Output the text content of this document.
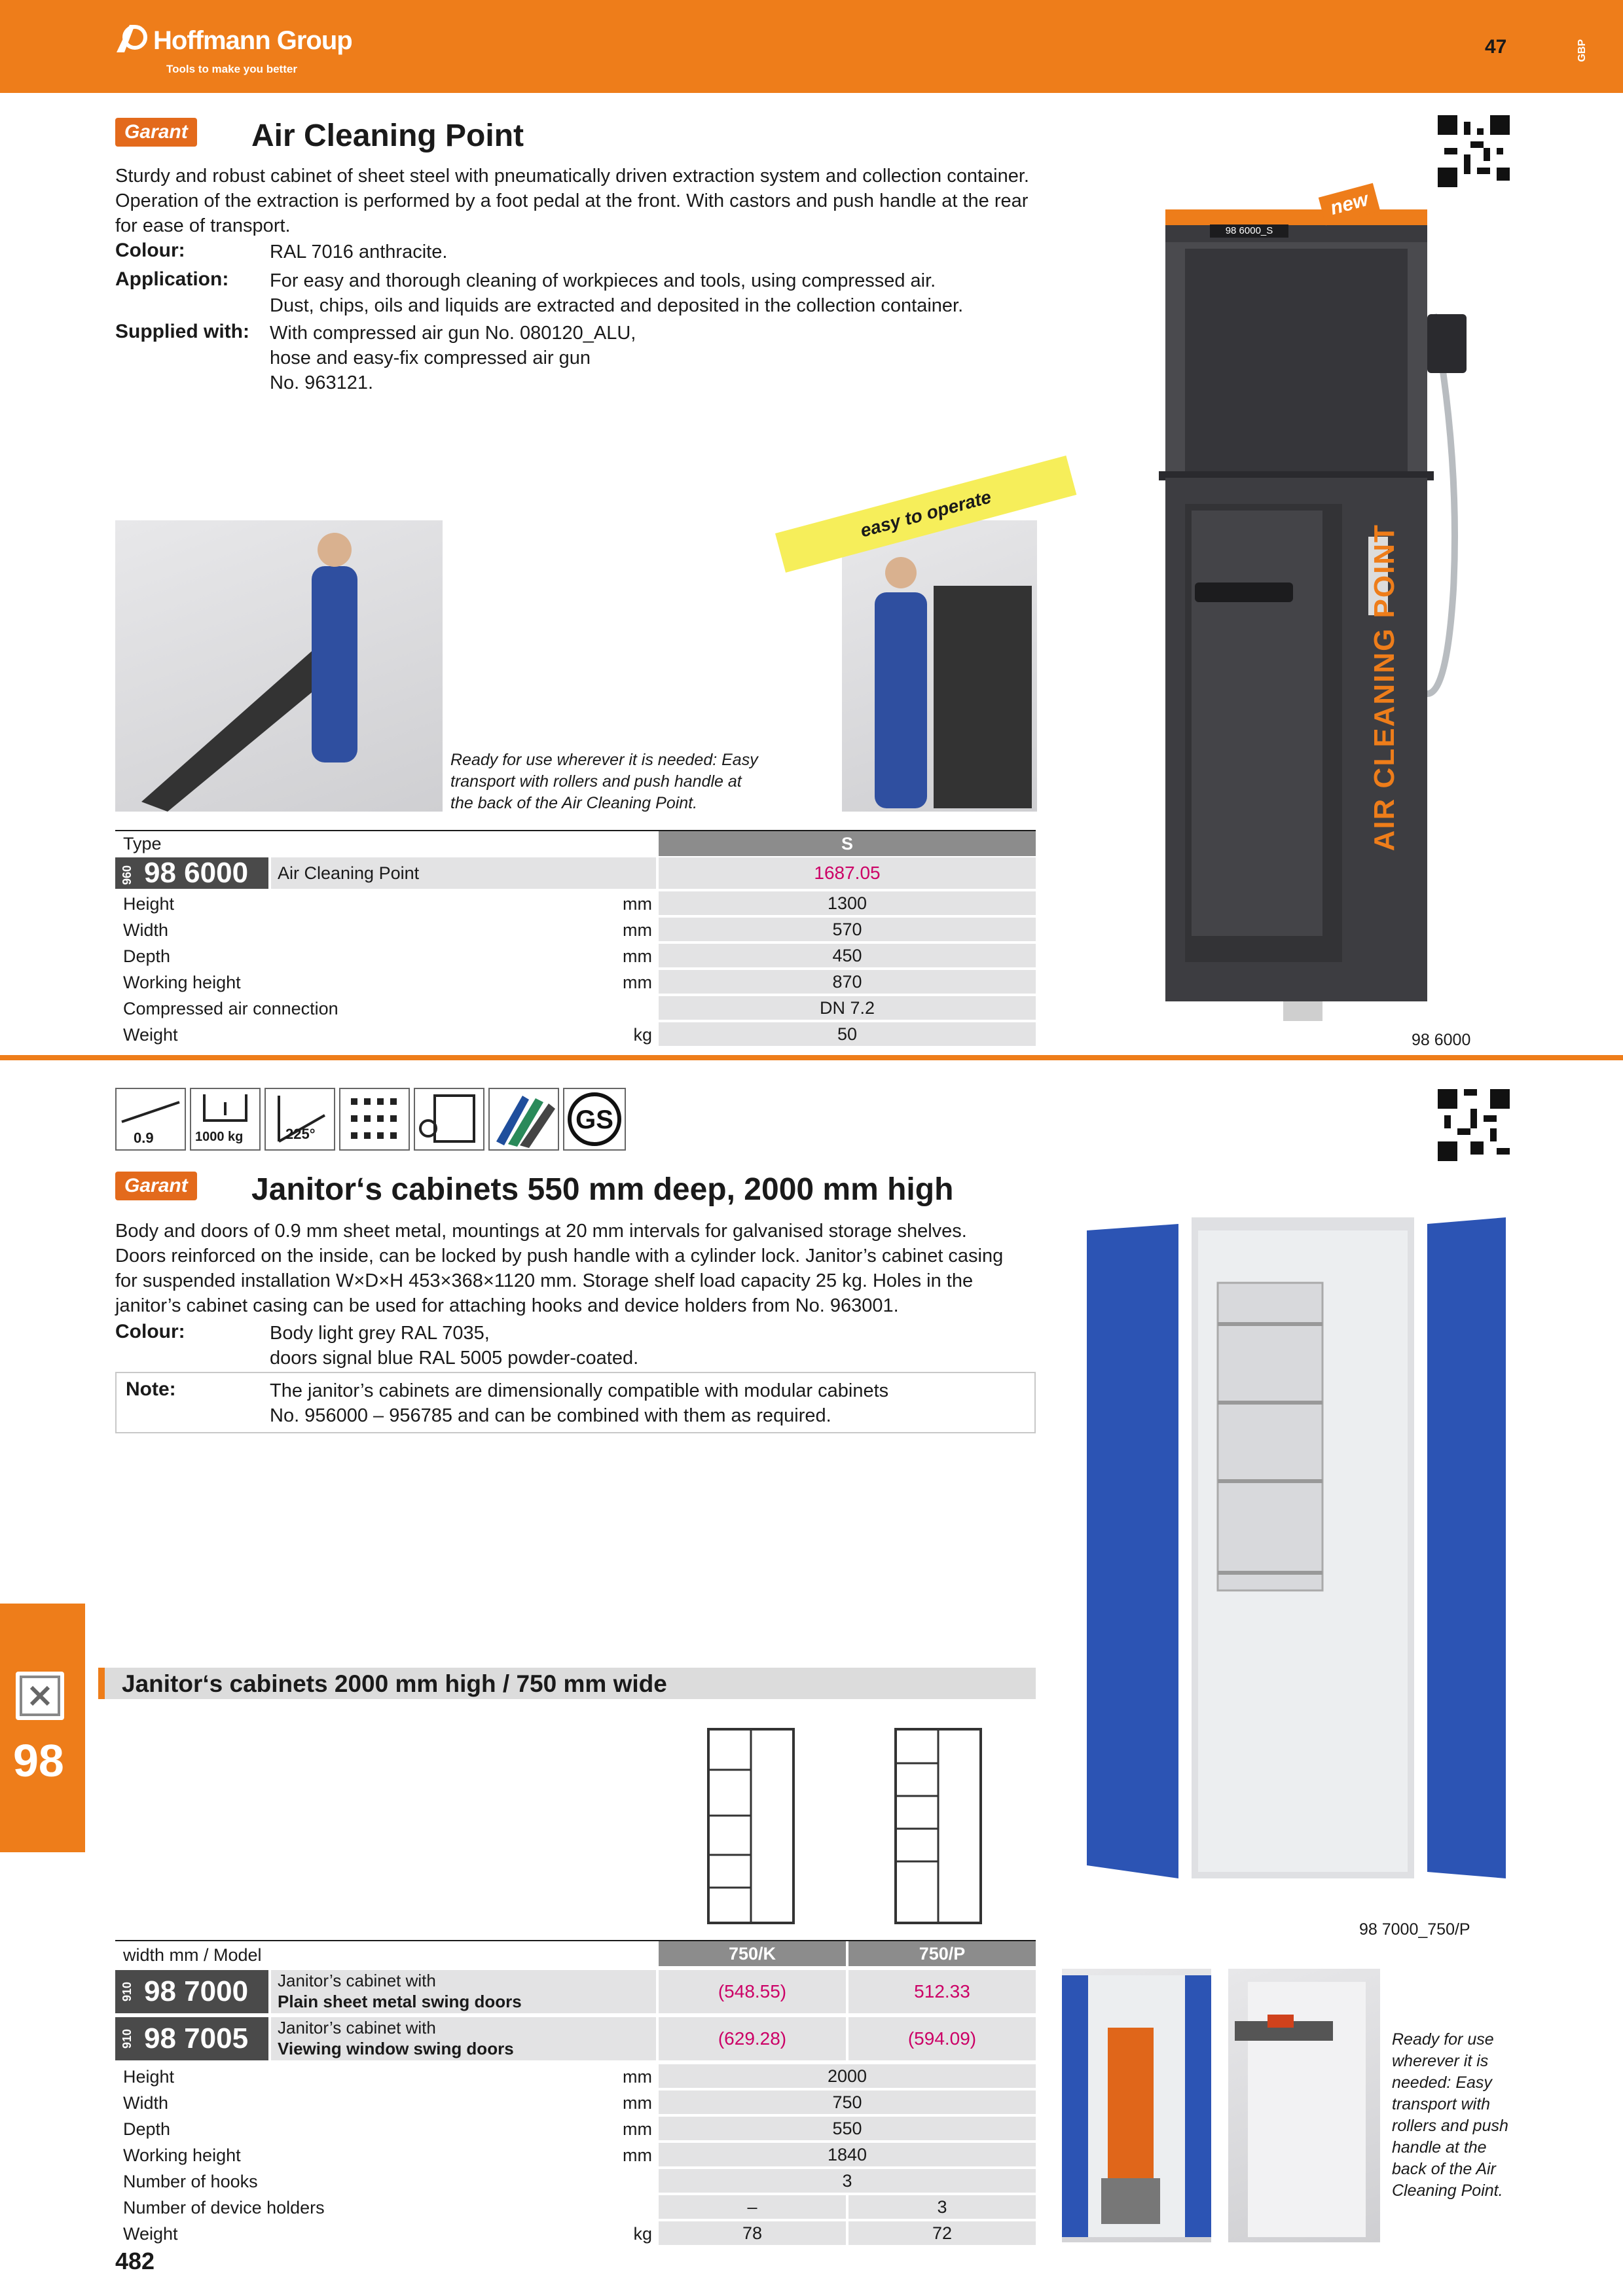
Hoffmann Group
Tools to make you better
47	GBP
Garant Air Cleaning Point
Sturdy and robust cabinet of sheet steel with pneumatically driven extraction system and collection container.
Operation of the extraction is performed by a foot pedal at the front. With castors and push handle at the rear
for ease of transport.
Colour:	RAL 7016 anthracite.
Application: For easy and thorough cleaning of workpieces and tools, using compressed air.
Dust, chips, oils and liquids are extracted and deposited in the collection container.
Supplied with: With compressed air gun No. 080120_ALU,
hose and easy-fix compressed air gun
No. 963121.
Ready for use wherever it is needed: Easy
transport with rollers and push handle at
the back of the Air Cleaning Point.
easy to operate
new
98 6000_S
AIR CLEANING POINT
98 6000
Type	S
960 98 6000	Air Cleaning Point	1687.05
Height	mm	1300
Width	mm	570
Depth	mm	450
Working height	mm	870
Compressed air connection	DN 7.2
Weight	kg	50
0.9	1000 kg	225°	GS
Garant Janitor‘s cabinets 550 mm deep, 2000 mm high
Body and doors of 0.9 mm sheet metal, mountings at 20 mm intervals for galvanised storage shelves.
Doors reinforced on the inside, can be locked by push handle with a cylinder lock. Janitor’s cabinet casing
for suspended installation W×D×H 453×368×1120 mm. Storage shelf load capacity 25 kg. Holes in the
janitor’s cabinet casing can be used for attaching hooks and device holders from No. 963001.
Colour:	Body light grey RAL 7035,
doors signal blue RAL 5005 powder-coated.
Note:	The janitor’s cabinets are dimensionally compatible with modular cabinets
No. 956000 – 956785 and can be combined with them as required.
98
98 7000_750/P
Janitor‘s cabinets 2000 mm high / 750 mm wide
width mm / Model	750/K	750/P
910 98 7000 Janitor’s cabinet with
Plain sheet metal swing doors	(548.55)	512.33
910 98 7005 Janitor’s cabinet with
Viewing window swing doors	(629.28)	(594.09)
Height	mm	2000
Width	mm	750
Depth	mm	550
Working height	mm	1840
Number of hooks	3
Number of device holders	–	3
Weight	kg	78	72
Ready for use
wherever it is
needed: Easy
transport with
rollers and push
handle at the
back of the Air
Cleaning Point.
482
